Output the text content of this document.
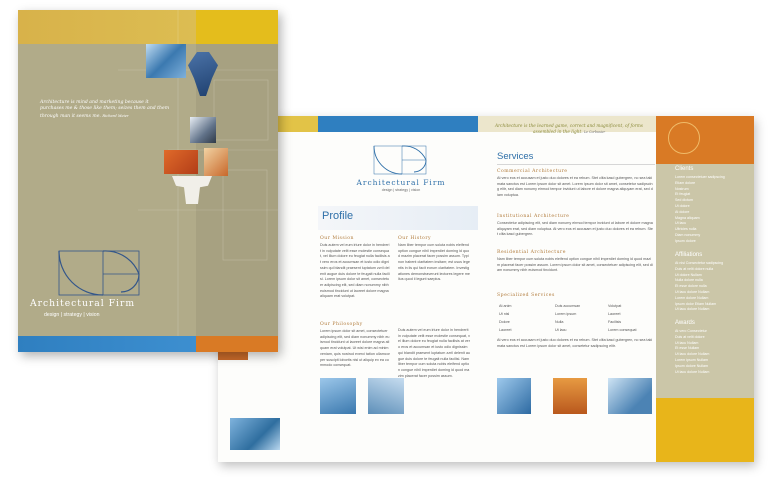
Architectural Firm
design | strategy | vision
Profile
Our Mission
Duis autem vel eum iriure dolor in hendrerit in vulputate velit esse molestie consequat, vel illum dolore eu feugiat nulla facilisis at vero eros et accumsan et iusto odio dignissim qui blandit praesent luptatum zzril delenit augue duis dolore te feugait nulla facilisi. Lorem ipsum dolor sit amet, consectetuer adipiscing elit, sed diam nonummy nibh euismod tincidunt ut laoreet dolore magna aliquam erat volutpat.
Our Philosophy
Lorem ipsum dolor sit amet, consectetuer adipiscing elit, sed diam nonummy nibh euismod tincidunt ut laoreet dolore magna aliquam erat volutpat. Ut wisi enim ad minim veniam, quis nostrud exerci tation ullamcorper suscipit lobortis nisl ut aliquip ex ea commodo consequat.
Our History
Nam liber tempor cum soluta nobis eleifend option congue nihil imperdiet doming id quod mazim placerat facer possim assum. Typi non habent claritatem insitam; est usus legentis in iis qui facit eorum claritatem. Investigationes demonstraverunt lectores legere me lius quod ii legunt saepius.
Duis autem vel eum iriure dolor in hendrerit in vulputate velit esse molestie consequat, vel illum dolore eu feugiat nulla facilisis at vero eros et accumsan et iusto odio dignissim qui blandit praesent luptatum zzril delenit augue duis dolore te feugait nulla facilisi. Nam liber tempor cum soluta nobis eleifend option congue nihil imperdiet doming id quod mazim placerat facer possim assum.
Architecture is the learned game, correct and magnificent, of forms assembled in the light. Le Corbusier
Services
Commercial Architecture
At vero eos et accusam et justo duo dolores et ea rebum. Stet clita kasd gubergren, no sea takimata sanctus est Lorem ipsum dolor sit amet. Lorem ipsum dolor sit amet, consetetur sadipscing elitr, sed diam nonumy eirmod tempor invidunt ut labore et dolore magna aliquyam erat, sed diam voluptua.
Institutional Architecture
Consectetur adipiscing elit, sed diam nonumy eirmod tempor invidunt ut labore et dolore magna aliquyam erat, sed diam voluptua. At vero eos et accusam et justo duo dolores et ea rebum. Stet clita kasd gubergren.
Residential Architecture
Nam liber tempor cum soluta nobis eleifend option congue nihil imperdiet doming id quod mazim placerat facer possim assum. Lorem ipsum dolor sit amet, consectetuer adipiscing elit, sed diam nonummy nibh euismod tincidunt.
Specialized Services
At anim
Ut nisl
Dolore
Laoreet
Duis accumsan
Lorem ipsum
Nulla
Ut lacu
Volutpat
Laoreet
Facilisis
Lorem consequat
At vero eos et accusam et justo duo dolores et ea rebum. Stet clita kasd gubergren, no sea takimata sanctus est Lorem ipsum dolor sit amet, consetetur sadipscing elitr.
Clients
Lorem consectetuer sadipscing
Etiam dolore
Nostrum
Et feugiat
Sed dictum
Ut dolore
At dolore
Magna aliquam
Ut lacu
Ultricies nulla
Diam nonummy
Ipsum dolore
Affiliations
At nisi Consectetur sadipscing
Duis at velit dolore nulla
Ut dolore Nullam
Nulla dolore nulla
Et esse dolore nulla
Ut lacu dolore Nullam
Lorem dolore Nullam
Ipsum dolor Etiam Nullam
Ut lacu dolore Nullam
Awards
At vero Consectetur
Duis at velit dolore
Ut lacu Nullam
Et esse Nullam
Ut lacu dolore Nullam
Lorem ipsum Nullam
Ipsum dolore Nullam
Ut lacu dolore Nullam
Architecture is mind and marketing because it purchases me & those like them; seizes them and them through man it seems me. Richard Meier
Architectural Firm
design | strategy | vision
